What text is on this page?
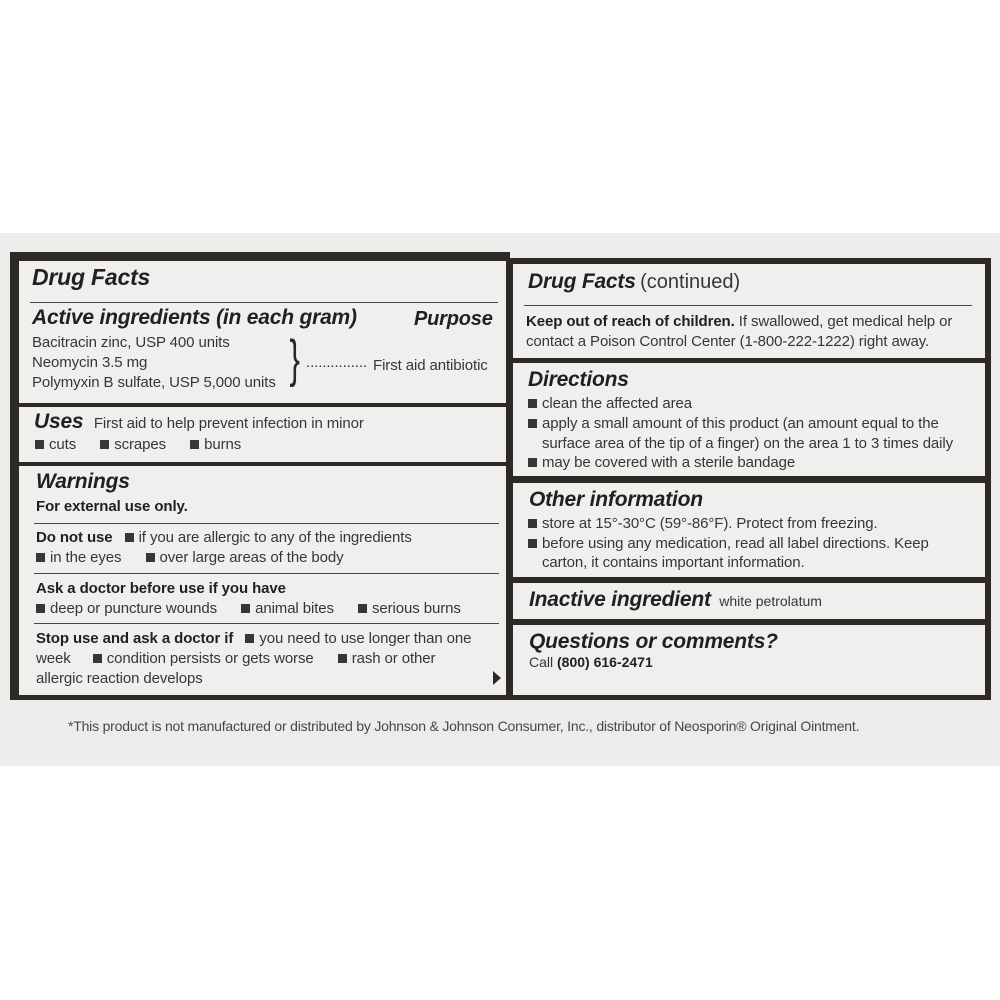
Drug Facts
Active ingredients (in each gram)	Purpose
Bacitracin zinc, USP 400 units
Neomycin 3.5 mg
Polymyxin B sulfate, USP 5,000 units } ............... First aid antibiotic
Uses First aid to help prevent infection in minor
cuts	scrapes	burns
Warnings
For external use only.
Do not use if you are allergic to any of the ingredients
in the eyes	over large areas of the body
Ask a doctor before use if you have
deep or puncture wounds	animal bites	serious burns
Stop use and ask a doctor if you need to use longer than one
week condition persists or gets worse	rash or other
allergic reaction develops
Drug Facts (continued)
Keep out of reach of children. If swallowed, get medical help or
contact a Poison Control Center (1-800-222-1222) right away.
Directions
clean the affected area
apply a small amount of this product (an amount equal to the
surface area of the tip of a finger) on the area 1 to 3 times daily
may be covered with a sterile bandage
Other information
store at 15°-30°C (59°-86°F). Protect from freezing.
before using any medication, read all label directions. Keep
carton, it contains important information.
Inactive ingredient white petrolatum
Questions or comments?
Call (800) 616-2471
*This product is not manufactured or distributed by Johnson & Johnson Consumer, Inc., distributor of Neosporin® Original Ointment.
